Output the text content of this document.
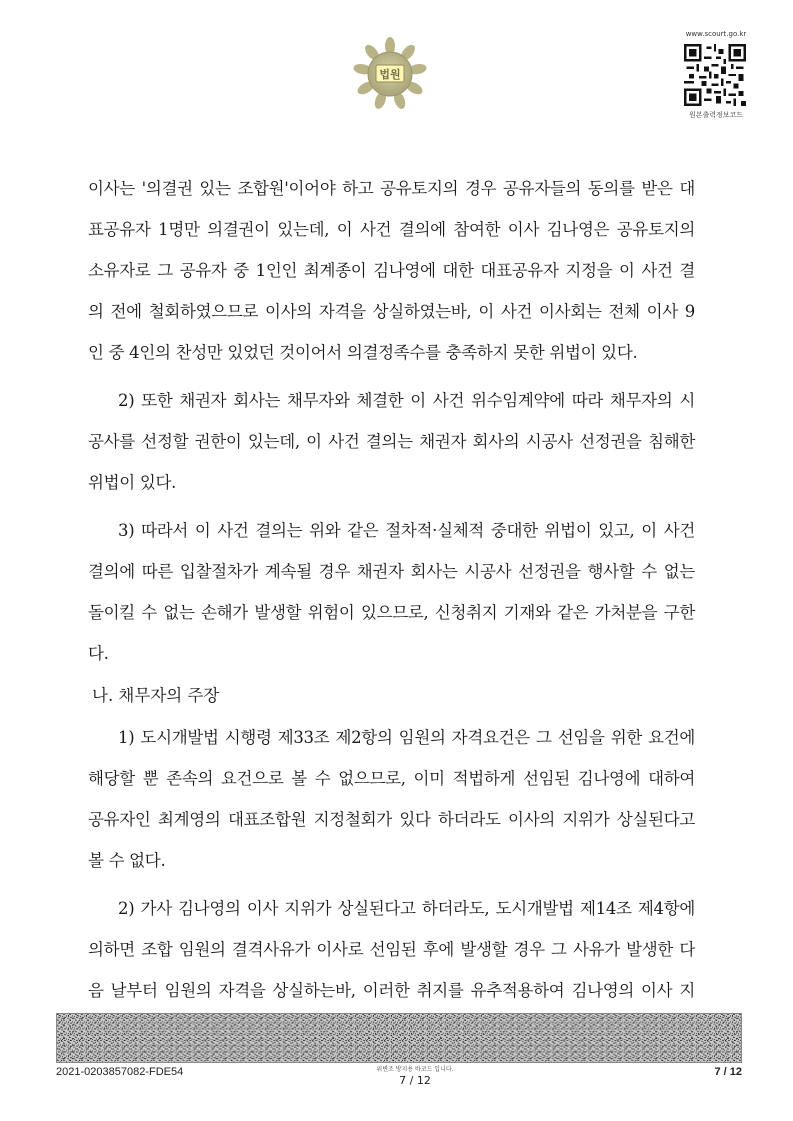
법원
www.scourt.go.kr
원본출력정보코드
이사는 '의결권 있는 조합원'이어야 하고 공유토지의 경우 공유자들의 동의를 받은 대
표공유자 1명만 의결권이 있는데, 이 사건 결의에 참여한 이사 김나영은 공유토지의
소유자로 그 공유자 중 1인인 최계종이 김나영에 대한 대표공유자 지정을 이 사건 결
의 전에 철회하였으므로 이사의 자격을 상실하였는바, 이 사건 이사회는 전체 이사 9
인 중 4인의 찬성만 있었던 것이어서 의결정족수를 충족하지 못한 위법이 있다.
2) 또한 채권자 회사는 채무자와 체결한 이 사건 위수임계약에 따라 채무자의 시
공사를 선정할 권한이 있는데, 이 사건 결의는 채권자 회사의 시공사 선정권을 침해한
위법이 있다.
3) 따라서 이 사건 결의는 위와 같은 절차적·실체적 중대한 위법이 있고, 이 사건
결의에 따른 입찰절차가 계속될 경우 채권자 회사는 시공사 선정권을 행사할 수 없는
돌이킬 수 없는 손해가 발생할 위험이 있으므로, 신청취지 기재와 같은 가처분을 구한
다.
나. 채무자의 주장
1) 도시개발법 시행령 제33조 제2항의 임원의 자격요건은 그 선임을 위한 요건에
해당할 뿐 존속의 요건으로 볼 수 없으므로, 이미 적법하게 선임된 김나영에 대하여
공유자인 최계영의 대표조합원 지정철회가 있다 하더라도 이사의 지위가 상실된다고
볼 수 없다.
2) 가사 김나영의 이사 지위가 상실된다고 하더라도, 도시개발법 제14조 제4항에
의하면 조합 임원의 결격사유가 이사로 선임된 후에 발생할 경우 그 사유가 발생한 다
음 날부터 임원의 자격을 상실하는바, 이러한 취지를 유추적용하여 김나영의 이사 지
2021-0203857082-FDE54	위변조 방지용 바코드 입니다.
7 / 12
7 / 12
